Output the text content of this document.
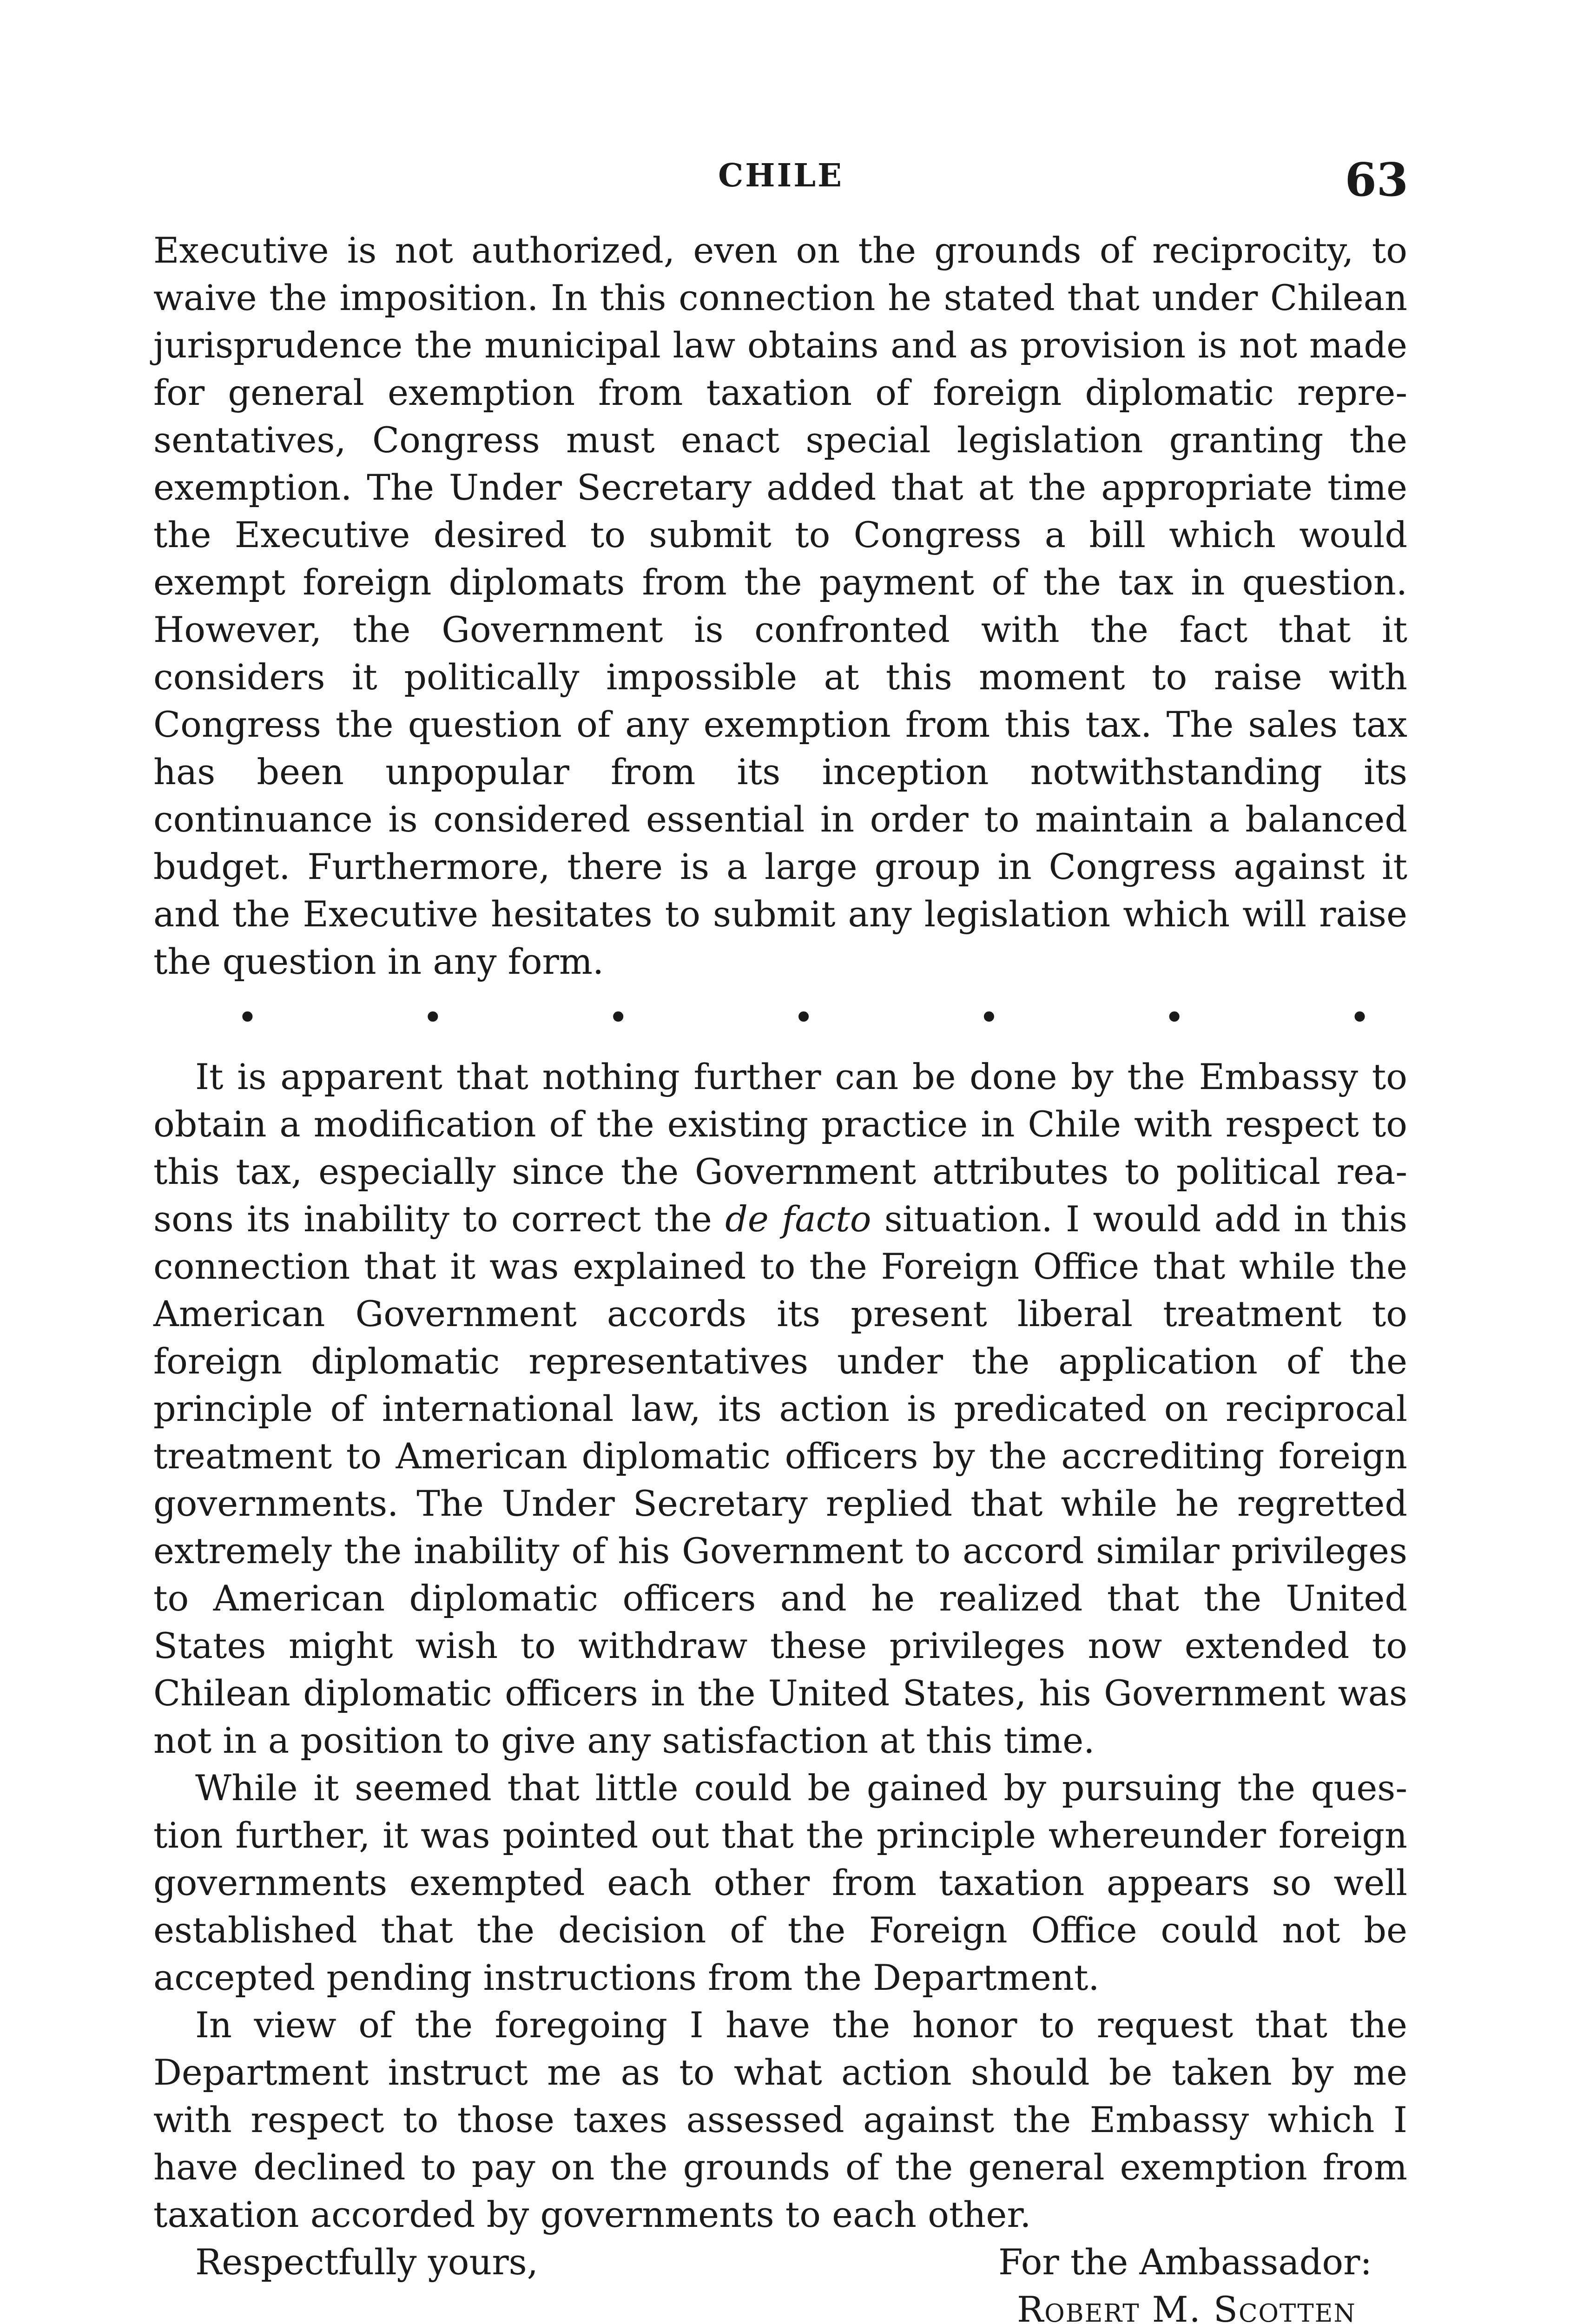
CHILE	63

Executive is not authorized, even on the grounds of reciprocity, to waive the imposition. In this connection he stated that under Chilean jurisprudence the municipal law obtains and as provision is not made for general exemption from taxation of foreign diplomatic representatives, Congress must enact special legislation granting the exemption. The Under Secretary added that at the appropriate time the Executive desired to submit to Congress a bill which would exempt foreign diplomats from the payment of the tax in question. However, the Government is confronted with the fact that it considers it politically impossible at this moment to raise with Congress the question of any exemption from this tax. The sales tax has been unpopular from its inception notwithstanding its continuance is considered essential in order to maintain a balanced budget. Furthermore, there is a large group in Congress against it and the Executive hesitates to submit any legislation which will raise the question in any form.

•	•	•	•	•	•	•

It is apparent that nothing further can be done by the Embassy to obtain a modification of the existing practice in Chile with respect to this tax, especially since the Government attributes to political reasons its inability to correct the de facto situation. I would add in this connection that it was explained to the Foreign Office that while the American Government accords its present liberal treatment to foreign diplomatic representatives under the application of the principle of international law, its action is predicated on reciprocal treatment to American diplomatic officers by the accrediting foreign governments. The Under Secretary replied that while he regretted extremely the inability of his Government to accord similar privileges to American diplomatic officers and he realized that the United States might wish to withdraw these privileges now extended to Chilean diplomatic officers in the United States, his Government was not in a position to give any satisfaction at this time.

While it seemed that little could be gained by pursuing the question further, it was pointed out that the principle whereunder foreign governments exempted each other from taxation appears so well established that the decision of the Foreign Office could not be accepted pending instructions from the Department.

In view of the foregoing I have the honor to request that the Department instruct me as to what action should be taken by me with respect to those taxes assessed against the Embassy which I have declined to pay on the grounds of the general exemption from taxation accorded by governments to each other.

Respectfully yours,	For the Ambassador:
Robert M. Scotten
